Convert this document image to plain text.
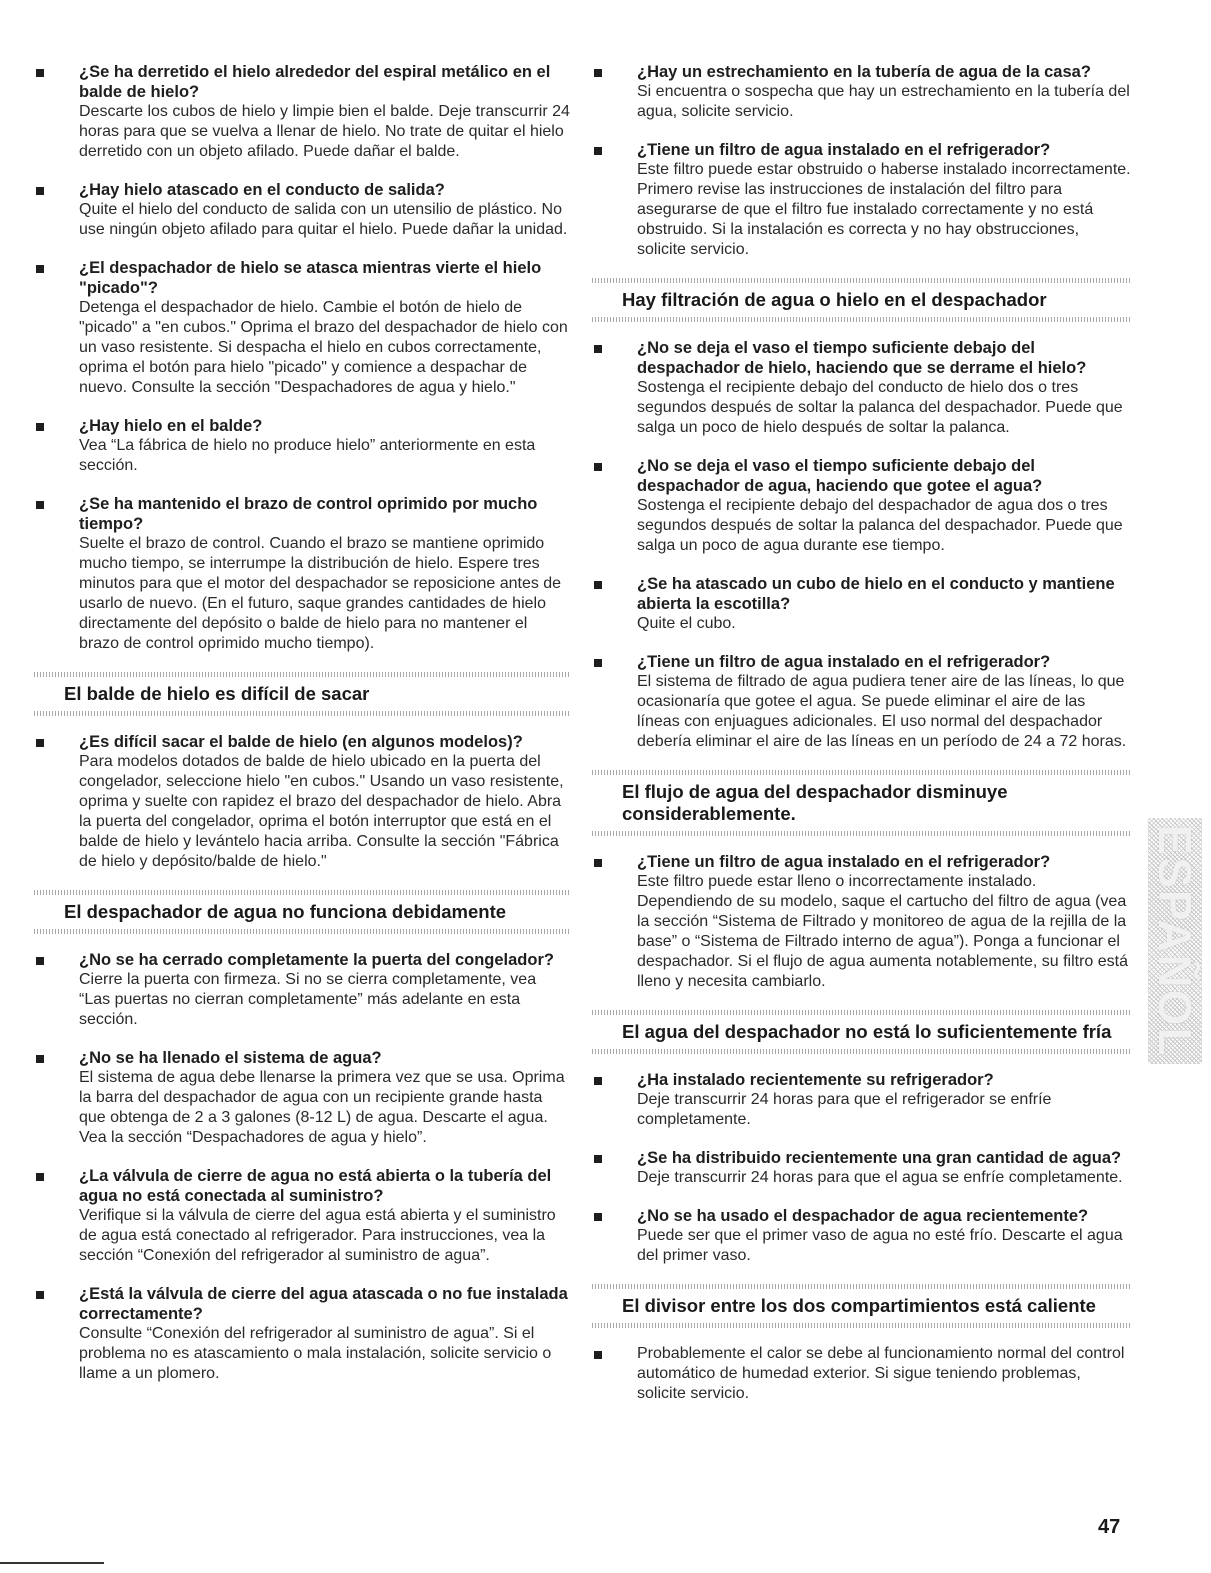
¿Se ha derretido el hielo alrededor del espiral metálico en el balde de hielo?
Descarte los cubos de hielo y limpie bien el balde. Deje transcurrir 24 horas para que se vuelva a llenar de hielo. No trate de quitar el hielo derretido con un objeto afilado. Puede dañar el balde.
¿Hay hielo atascado en el conducto de salida?
Quite el hielo del conducto de salida con un utensilio de plástico. No use ningún objeto afilado para quitar el hielo. Puede dañar la unidad.
¿El despachador de hielo se atasca mientras vierte el hielo "picado"?
Detenga el despachador de hielo. Cambie el botón de hielo de "picado" a "en cubos." Oprima el brazo del despachador de hielo con un vaso resistente. Si despacha el hielo en cubos correctamente, oprima el botón para hielo "picado" y comience a despachar de nuevo. Consulte la sección "Despachadores de agua y hielo."
¿Hay hielo en el balde?
Vea “La fábrica de hielo no produce hielo” anteriormente en esta sección.
¿Se ha mantenido el brazo de control oprimido por mucho tiempo?
Suelte el brazo de control. Cuando el brazo se mantiene oprimido mucho tiempo, se interrumpe la distribución de hielo. Espere tres minutos para que el motor del despachador se reposicione antes de usarlo de nuevo. (En el futuro, saque grandes cantidades de hielo directamente del depósito o balde de hielo para no mantener el brazo de control oprimido mucho tiempo).
El balde de hielo es difícil de sacar
¿Es difícil sacar el balde de hielo (en algunos modelos)?
Para modelos dotados de balde de hielo ubicado en la puerta del congelador, seleccione hielo "en cubos." Usando un vaso resistente, oprima y suelte con rapidez el brazo del despachador de hielo. Abra la puerta del congelador, oprima el botón interruptor que está en el balde de hielo y levántelo hacia arriba. Consulte la sección "Fábrica de hielo y depósito/balde de hielo."
El despachador de agua no funciona debidamente
¿No se ha cerrado completamente la puerta del congelador?
Cierre la puerta con firmeza. Si no se cierra completamente, vea “Las puertas no cierran completamente” más adelante en esta sección.
¿No se ha llenado el sistema de agua?
El sistema de agua debe llenarse la primera vez que se usa. Oprima la barra del despachador de agua con un recipiente grande hasta que obtenga de 2 a 3 galones (8-12 L) de agua. Descarte el agua. Vea la sección “Despachadores de agua y hielo”.
¿La válvula de cierre de agua no está abierta o la tubería del agua no está conectada al suministro?
Verifique si la válvula de cierre del agua está abierta y el suministro de agua está conectado al refrigerador. Para instrucciones, vea la sección “Conexión del refrigerador al suministro de agua”.
¿Está la válvula de cierre del agua atascada o no fue instalada correctamente?
Consulte “Conexión del refrigerador al suministro de agua”. Si el problema no es atascamiento o mala instalación, solicite servicio o llame a un plomero.
¿Hay un estrechamiento en la tubería de agua de la casa?
Si encuentra o sospecha que hay un estrechamiento en la tubería del agua, solicite servicio.
¿Tiene un filtro de agua instalado en el refrigerador?
Este filtro puede estar obstruido o haberse instalado incorrectamente. Primero revise las instrucciones de instalación del filtro para asegurarse de que el filtro fue instalado correctamente y no está obstruido. Si la instalación es correcta y no hay obstrucciones, solicite servicio.
Hay filtración de agua o hielo en el despachador
¿No se deja el vaso el tiempo suficiente debajo del despachador de hielo, haciendo que se derrame el hielo?
Sostenga el recipiente debajo del conducto de hielo dos o tres segundos después de soltar la palanca del despachador. Puede que salga un poco de hielo después de soltar la palanca.
¿No se deja el vaso el tiempo suficiente debajo del despachador de agua, haciendo que gotee el agua?
Sostenga el recipiente debajo del despachador de agua dos o tres segundos después de soltar la palanca del despachador. Puede que salga un poco de agua durante ese tiempo.
¿Se ha atascado un cubo de hielo en el conducto y mantiene abierta la escotilla?
Quite el cubo.
¿Tiene un filtro de agua instalado en el refrigerador?
El sistema de filtrado de agua pudiera tener aire de las líneas, lo que ocasionaría que gotee el agua. Se puede eliminar el aire de las líneas con enjuagues adicionales. El uso normal del despachador debería eliminar el aire de las líneas en un período de 24 a 72 horas.
El flujo de agua del despachador disminuye considerablemente.
¿Tiene un filtro de agua instalado en el refrigerador?
Este filtro puede estar lleno o incorrectamente instalado. Dependiendo de su modelo, saque el cartucho del filtro de agua (vea la sección “Sistema de Filtrado y monitoreo de agua de la rejilla de la base” o “Sistema de Filtrado interno de agua”). Ponga a funcionar el despachador. Si el flujo de agua aumenta notablemente, su filtro está lleno y necesita cambiarlo.
El agua del despachador no está lo suficientemente fría
¿Ha instalado recientemente su refrigerador?
Deje transcurrir 24 horas para que el refrigerador se enfríe completamente.
¿Se ha distribuido recientemente una gran cantidad de agua?
Deje transcurrir 24 horas para que el agua se enfríe completamente.
¿No se ha usado el despachador de agua recientemente?
Puede ser que el primer vaso de agua no esté frío. Descarte el agua del primer vaso.
El divisor entre los dos compartimientos está caliente
Probablemente el calor se debe al funcionamiento normal del control automático de humedad exterior. Si sigue teniendo problemas, solicite servicio.
ESPAÑOL
47
